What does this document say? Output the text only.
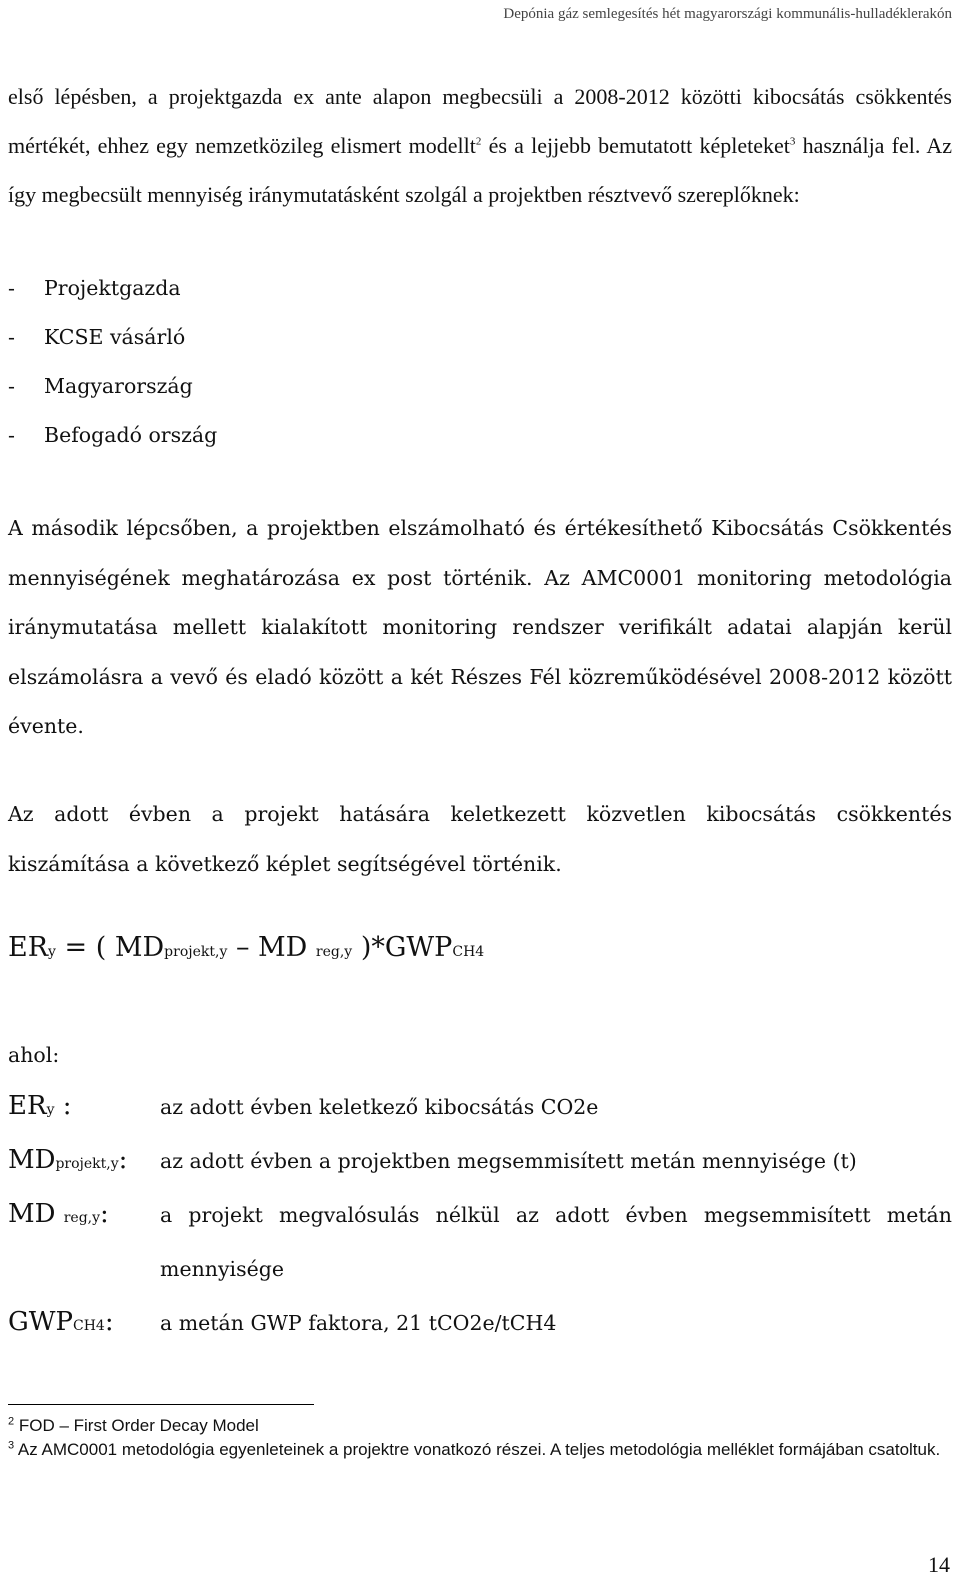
Depónia gáz semlegesítés hét magyarországi kommunális-hulladéklerakón

első lépésben, a projektgazda ex ante alapon megbecsüli a 2008-2012 közötti kibocsátás csökkentés mértékét, ehhez egy nemzetközileg elismert modellt$^2$ és a lejjebb bemutatott képleteket$^3$ használja fel. Az így megbecsült mennyiség iránymutatásként szolgál a projektben résztvevő szereplőknek:

-	Projektgazda
-	KCSE vásárló
-	Magyarország
-	Befogadó ország

A második lépcsőben, a projektben elszámolható és értékesíthető Kibocsátás Csökkentés mennyiségének meghatározása ex post történik. Az AMC0001 monitoring metodológia iránymutatása mellett kialakított monitoring rendszer verifikált adatai alapján kerül elszámolásra a vevő és eladó között a két Részes Fél közreműködésével 2008-2012 között évente.

Az adott évben a projekt hatására keletkezett közvetlen kibocsátás csökkentés kiszámítása a következő képlet segítségével történik.

ERy = ( MDprojekt,y – MD reg,y )*GWPCH4
ahol:
ERy :	az adott évben keletkező kibocsátás CO2e
MDprojekt,y:	az adott évben a projektben megsemmisített metán mennyisége (t)
MD reg,y:	a projekt megvalósulás nélkül az adott évben megsemmisített metán mennyisége
GWPCH4:	a metán GWP faktora, 21 tCO2e/tCH4
$^2$ FOD – First Order Decay Model
$^3$ Az AMC0001 metodológia egyenleteinek a projektre vonatkozó részei. A teljes metodológia melléklet formájában csatoltuk.
14
